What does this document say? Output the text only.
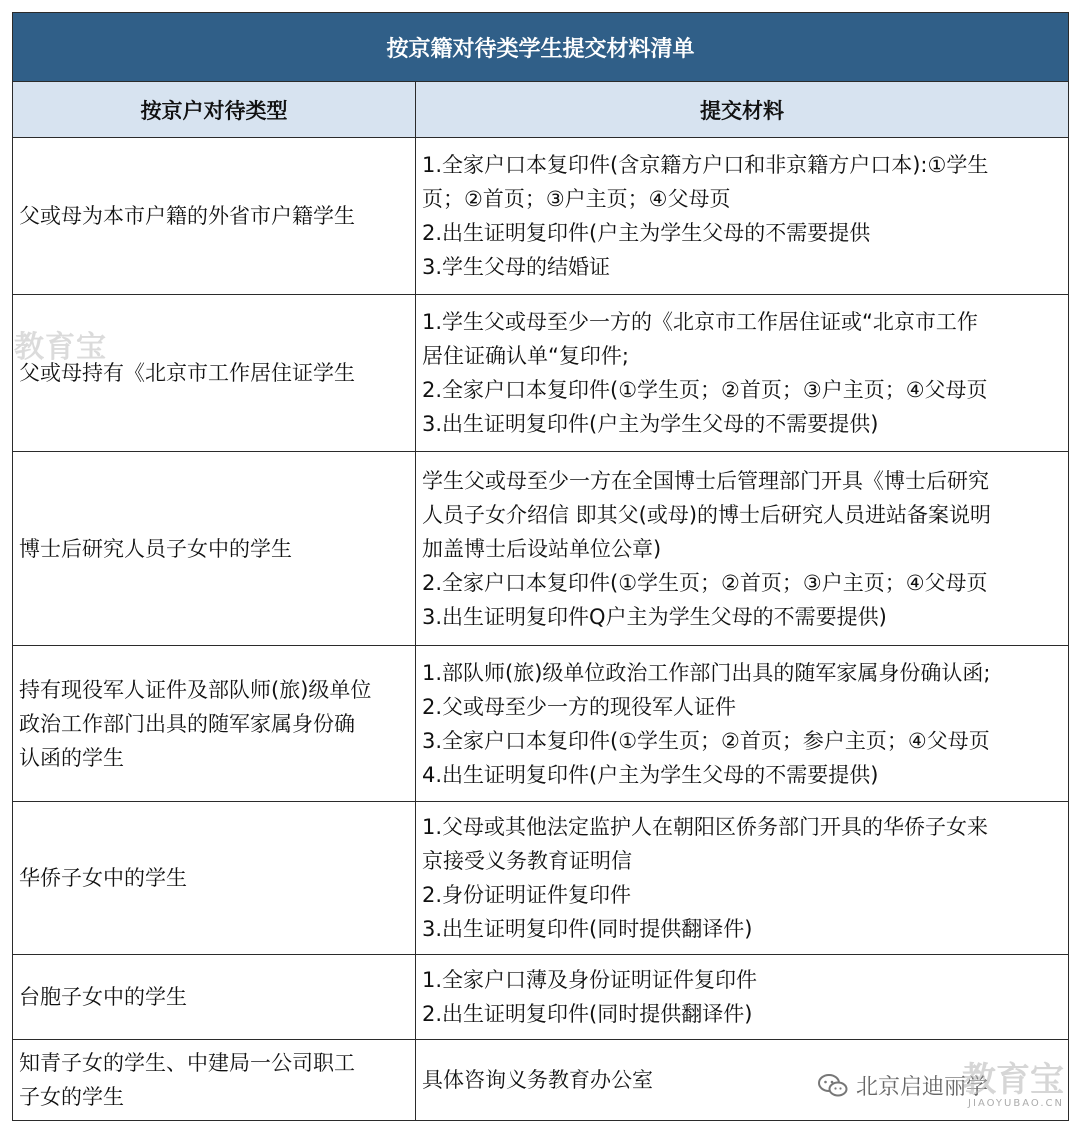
按京籍对待类学生提交材料清单	
按京户对待类型	提交材料

父或母为本市户籍的外省市户籍学生	1.全家户口本复印件(含京籍方户口和非京籍方户口本):①学生
页；②首页；③户主页；④父母页
2.出生证明复印件(户主为学生父母的不需要提供
3.学生父母的结婚证

父或母持有《北京市工作居住证学生	1.学生父或母至少一方的《北京市工作居住证或“北京市工作
居住证确认单“复印件;
2.全家户口本复印件(①学生页；②首页；③户主页；④父母页
3.出生证明复印件(户主为学生父母的不需要提供)

博士后研究人员子女中的学生	学生父或母至少一方在全国博士后管理部门开具《博士后研究
人员子女介绍信 即其父(或母)的博士后研究人员进站备案说明
加盖博士后设站单位公章)
2.全家户口本复印件(①学生页；②首页；③户主页；④父母页
3.出生证明复印件Q户主为学生父母的不需要提供)

持有现役军人证件及部队师(旅)级单位
政治工作部门出具的随军家属身份确
认函的学生	1.部队师(旅)级单位政治工作部门出具的随军家属身份确认函;
2.父或母至少一方的现役军人证件
3.全家户口本复印件(①学生页；②首页；参户主页；④父母页
4.出生证明复印件(户主为学生父母的不需要提供)

华侨子女中的学生	1.父母或其他法定监护人在朝阳区侨务部门开具的华侨子女来
京接受义务教育证明信
2.身份证明证件复印件
3.出生证明复印件(同时提供翻译件)

台胞子女中的学生	1.全家户口薄及身份证明证件复印件
2.出生证明复印件(同时提供翻译件)

知青子女的学生、中建局一公司职工
子女的学生	具体咨询义务教育办公室
教育宝
北京启迪丽学
教育宝
JIAOYUBAO.CN
